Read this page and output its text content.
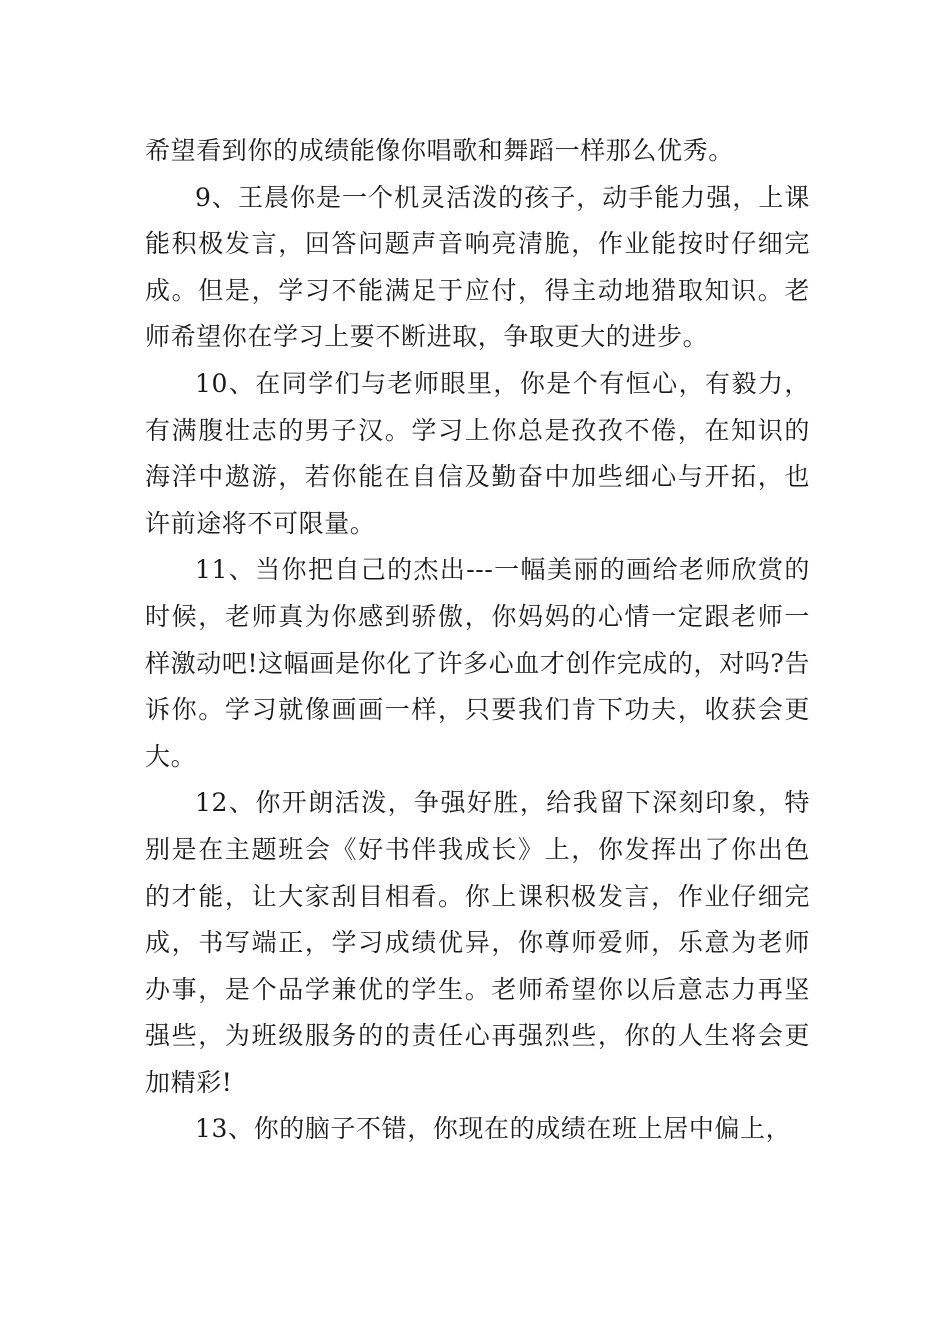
希望看到你的成绩能像你唱歌和舞蹈一样那么优秀。

9、王晨你是一个机灵活泼的孩子，动手能力强，上课能积极发言，回答问题声音响亮清脆，作业能按时仔细完成。但是，学习不能满足于应付，得主动地猎取知识。老师希望你在学习上要不断进取，争取更大的进步。

10、在同学们与老师眼里，你是个有恒心，有毅力，有满腹壮志的男子汉。学习上你总是孜孜不倦，在知识的海洋中遨游，若你能在自信及勤奋中加些细心与开拓，也许前途将不可限量。

11、当你把自己的杰出---一幅美丽的画给老师欣赏的时候，老师真为你感到骄傲，你妈妈的心情一定跟老师一样激动吧!这幅画是你化了许多心血才创作完成的，对吗?告诉你。学习就像画画一样，只要我们肯下功夫，收获会更大。

12、你开朗活泼，争强好胜，给我留下深刻印象，特别是在主题班会《好书伴我成长》上，你发挥出了你出色的才能，让大家刮目相看。你上课积极发言，作业仔细完成，书写端正，学习成绩优异，你尊师爱师，乐意为老师办事，是个品学兼优的学生。老师希望你以后意志力再坚强些，为班级服务的的责任心再强烈些，你的人生将会更加精彩!

13、你的脑子不错，你现在的成绩在班上居中偏上，
